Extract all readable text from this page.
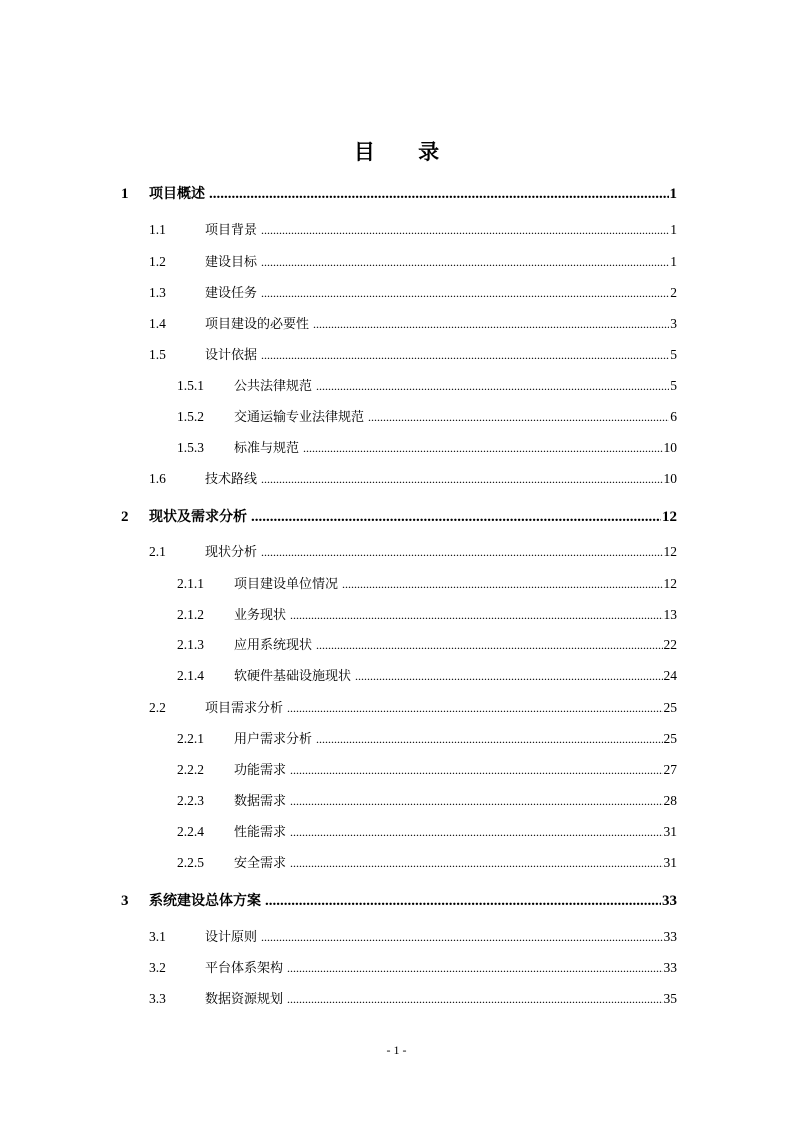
目 录
1	项目概述 .....	1
1.1	项目背景 .....	1
1.2	建设目标 .....	1
1.3	建设任务 .....	2
1.4	项目建设的必要性 .....	3
1.5	设计依据 .....	5
1.5.1	公共法律规范 .....	5
1.5.2	交通运输专业法律规范 .....	6
1.5.3	标准与规范 .....	10
1.6	技术路线 .....	10
2	现状及需求分析 .....	12
2.1	现状分析 .....	12
2.1.1	项目建设单位情况 .....	12
2.1.2	业务现状 .....	13
2.1.3	应用系统现状 .....	22
2.1.4	软硬件基础设施现状 .....	24
2.2	项目需求分析 .....	25
2.2.1	用户需求分析 .....	25
2.2.2	功能需求 .....	27
2.2.3	数据需求 .....	28
2.2.4	性能需求 .....	31
2.2.5	安全需求 .....	31
3	系统建设总体方案 .....	33
3.1	设计原则 .....	33
3.2	平台体系架构 .....	33
3.3	数据资源规划 .....	35
- 1 -
